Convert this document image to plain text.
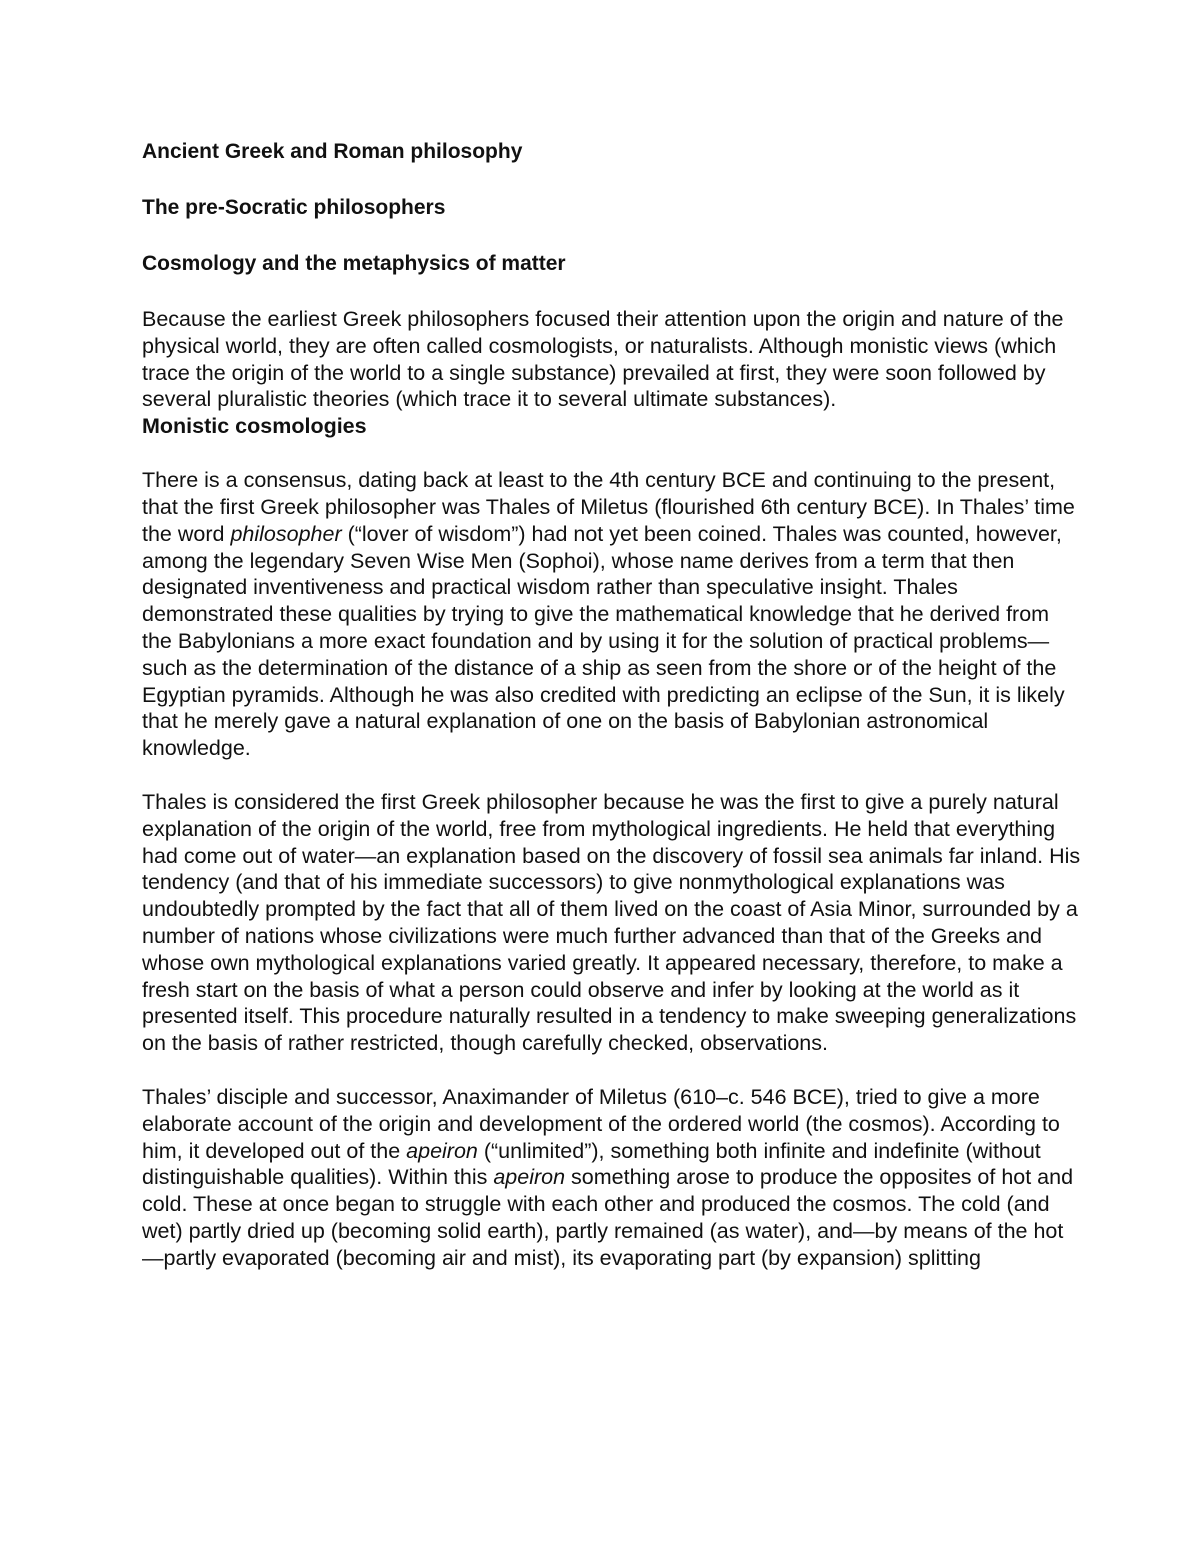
Ancient Greek and Roman philosophy

The pre-Socratic philosophers

Cosmology and the metaphysics of matter

Because the earliest Greek philosophers focused their attention upon the origin and nature of the physical world, they are often called cosmologists, or naturalists. Although monistic views (which trace the origin of the world to a single substance) prevailed at first, they were soon followed by several pluralistic theories (which trace it to several ultimate substances).

Monistic cosmologies

There is a consensus, dating back at least to the 4th century BCE and continuing to the present, that the first Greek philosopher was Thales of Miletus (flourished 6th century BCE). In Thales’ time the word philosopher (“lover of wisdom”) had not yet been coined. Thales was counted, however, among the legendary Seven Wise Men (Sophoi), whose name derives from a term that then designated inventiveness and practical wisdom rather than speculative insight. Thales demonstrated these qualities by trying to give the mathematical knowledge that he derived from the Babylonians a more exact foundation and by using it for the solution of practical problems—such as the determination of the distance of a ship as seen from the shore or of the height of the Egyptian pyramids. Although he was also credited with predicting an eclipse of the Sun, it is likely that he merely gave a natural explanation of one on the basis of Babylonian astronomical knowledge.

Thales is considered the first Greek philosopher because he was the first to give a purely natural explanation of the origin of the world, free from mythological ingredients. He held that everything had come out of water—an explanation based on the discovery of fossil sea animals far inland. His tendency (and that of his immediate successors) to give nonmythological explanations was undoubtedly prompted by the fact that all of them lived on the coast of Asia Minor, surrounded by a number of nations whose civilizations were much further advanced than that of the Greeks and whose own mythological explanations varied greatly. It appeared necessary, therefore, to make a fresh start on the basis of what a person could observe and infer by looking at the world as it presented itself. This procedure naturally resulted in a tendency to make sweeping generalizations on the basis of rather restricted, though carefully checked, observations.

Thales’ disciple and successor, Anaximander of Miletus (610–c. 546 BCE), tried to give a more elaborate account of the origin and development of the ordered world (the cosmos). According to him, it developed out of the apeiron (“unlimited”), something both infinite and indefinite (without distinguishable qualities). Within this apeiron something arose to produce the opposites of hot and cold. These at once began to struggle with each other and produced the cosmos. The cold (and wet) partly dried up (becoming solid earth), partly remained (as water), and—by means of the hot—partly evaporated (becoming air and mist), its evaporating part (by expansion) splitting
